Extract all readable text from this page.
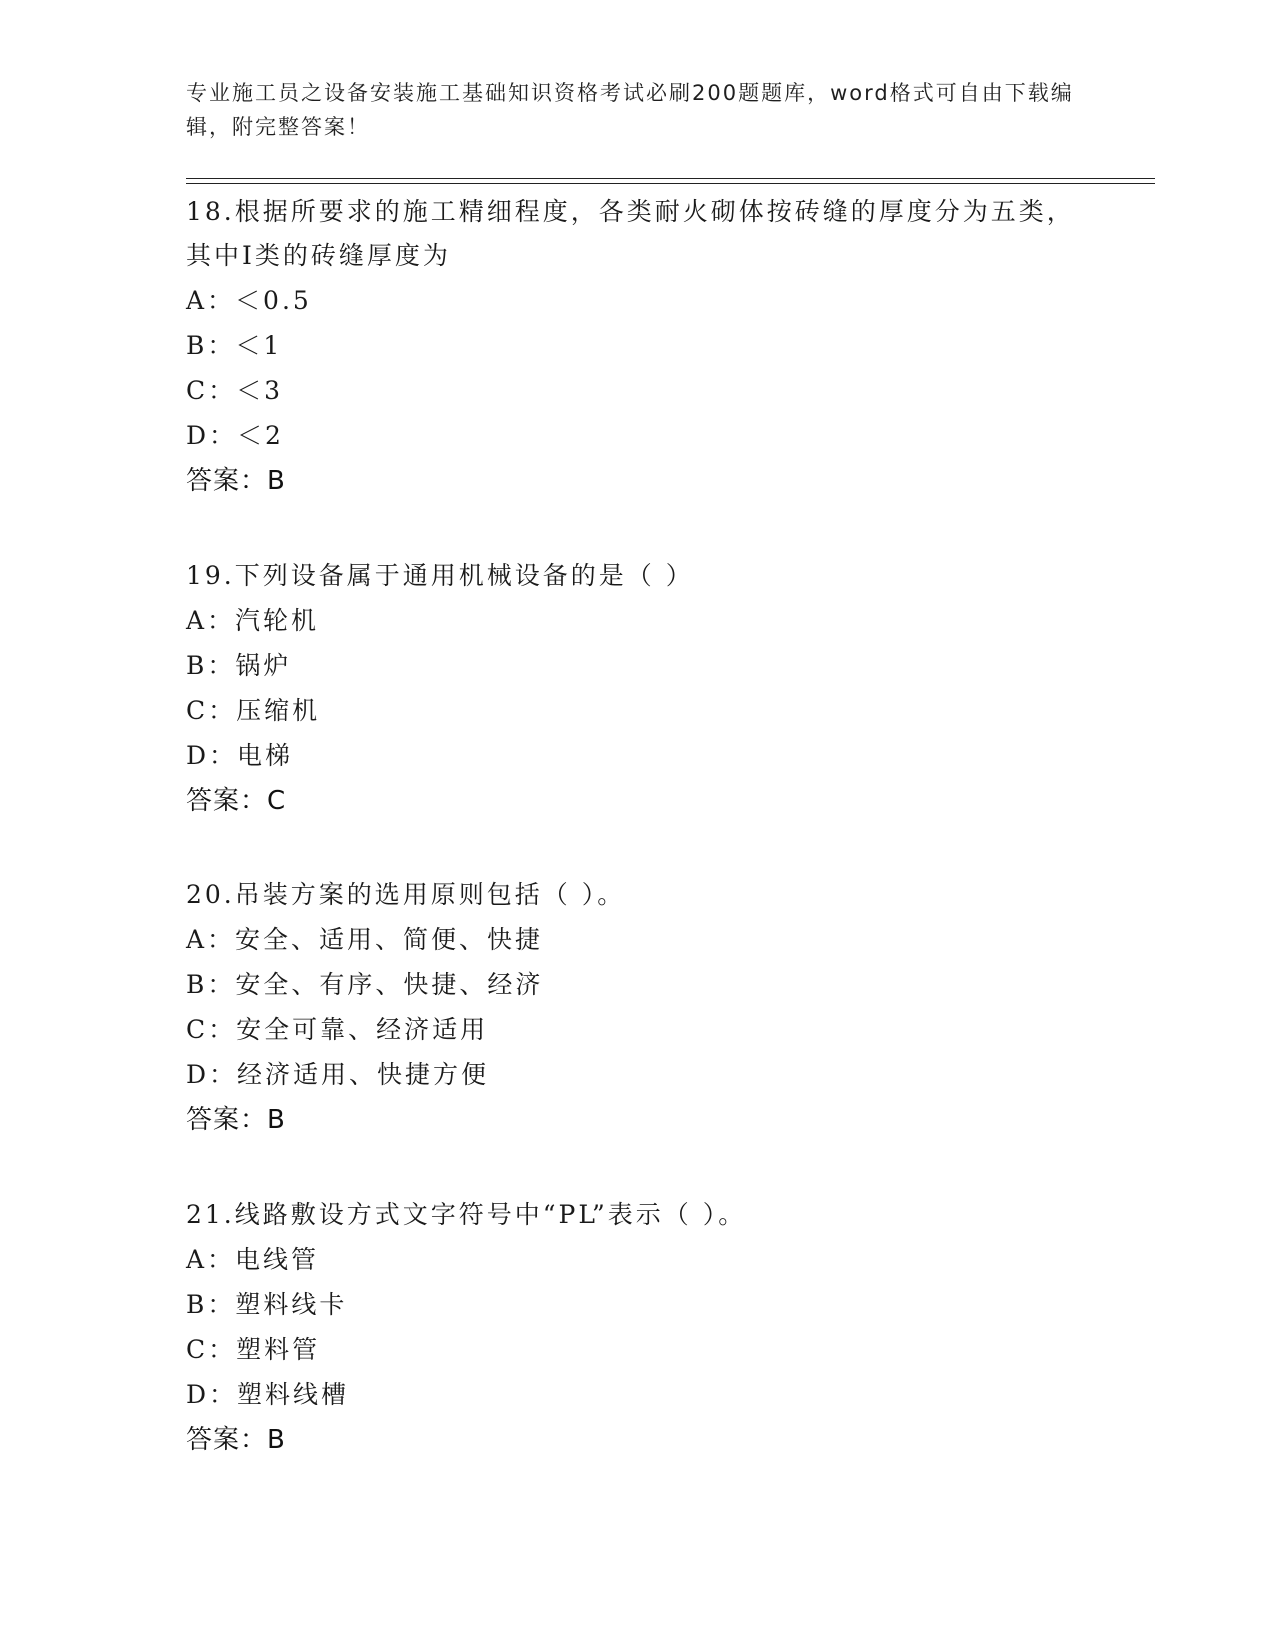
专业施工员之设备安装施工基础知识资格考试必刷200题题库，word格式可自由下载编辑，附完整答案！
18.根据所要求的施工精细程度，各类耐火砌体按砖缝的厚度分为五类，其中Ⅰ类的砖缝厚度为
A：＜0.5
B：＜1
C：＜3
D：＜2
答案：B
19.下列设备属于通用机械设备的是（ ）
A：汽轮机
B：锅炉
C：压缩机
D：电梯
答案：C
20.吊装方案的选用原则包括（ ）。
A：安全、适用、简便、快捷
B：安全、有序、快捷、经济
C：安全可靠、经济适用
D：经济适用、快捷方便
答案：B
21.线路敷设方式文字符号中“PL”表示（ ）。
A：电线管
B：塑料线卡
C：塑料管
D：塑料线槽
答案：B
